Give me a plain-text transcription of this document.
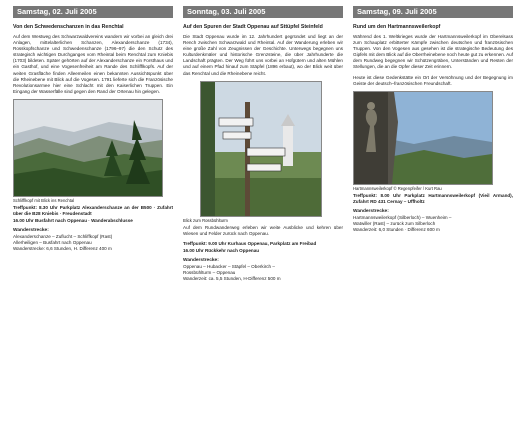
Samstag, 02. Juli 2005
Von den Schwedenschanzen in das Renchtal
Auf dem Westweg des Schwarzwaldvereins wandern wir vorbei an gleich drei Anlagen, mittelalterlichen Schanzen, Alexanderschanze (1734), Rosskopfschanze und Schwedenschanze (1796–97) die den Schutz des strategisch wichtigen Durchganges vom Rheintal beim Renchtal zum Kniebis (1703) bildeten. Später gehörten auf der Alexanderschanze ein Forsthaus und ein Gasthof, und eine Vogesenfreiheit am Rande des Schlifflkopfs. Auf der weiten Grasfläche finden Alleemeilen einen bekannten Aussichtspunkt über die Rheinebene mit Blick auf die Vogesen. 1791 lieferte sich die Französische Revolutionsarmee hier eine Schlacht mit den Kaiserlichen Truppen. Ein Eingang der Wasserfälle sind gegen den Rand der Ortenau hin gelegen.
Schlifflkopf mit Blick ins Renchtal
Treffpunkt: 8.30 Uhr Parkplatz Alexanderschanze an der B500 · Zufahrt über die B28 Kniebis · Freudenstadt
16.00 Uhr Busfahrt nach Oppenau · Wanderabschlusse
Wanderstrecke:
Alexanderschanze – Zuflucht – Schliffkopf (Rast)
Allerheiligen – Busfahrt nach Oppenau
Wanderstrecke: 6,6 Stunden, H. Differenz 400 m
Sonntag, 03. Juli 2005
Auf den Spuren der Stadt Oppenau auf Sttüpfel Steinfeld
Die Stadt Oppenau wurde im 12. Jahrhundert gegründet und liegt an der Rench zwischen Schwarzwald und Rheintal. Auf der Wanderung erleben wir eine große Zahl von Zeugnissen der Geschichte. Unterwegs begegnen uns Kulturdenkmäler und historische Grenzsteine, die über Jahrhunderte die Landschaft prägten. Der Weg führt uns vorbei an Hofgütern und alten Mühlen und auf einem Pfad hinauf zum Stäpfel (1896 erbaut), wo der Blick weit über das Renchtal und die Rheinebene reicht.
Blick zum Rossbühlturm
Auf dem Rundwanderweg erleben wir weite Ausblicke und kehren über Wiesen und Felder zurück nach Oppenau.
Treffpunkt: 9.00 Uhr Kurhaus Oppenau, Parkplatz am Freibad
16.00 Uhr Rückkehr nach Oppenau
Wanderstrecke:
Oppenau – Hubacker – Stäpfel – Oberkirch –
Rossbühlturm – Oppenau
Wanderzeit: ca. 5,5 Stunden, H-Differenz 500 m
Samstag, 09. Juli 2005
Rund um den Hartmannsweilerkopf
Während des 1. Weltkrieges wurde der Hartmannsweilerkopf im Oberelsass zum Schauplatz erbitterter Kämpfe zwischen deutschen und französischen Truppen. Von den Vogesen aus gesehen ist die strategische Bedeutung des Gipfels mit dem Blick auf die Oberrheinebene noch heute gut zu erkennen. Auf dem Rundweg begegnen wir Schützengräben, Unterständen und Resten der Stellungen, die an die Opfer dieser Zeit erinnern.
Heute ist diese Gedenkstätte ein Ort der Versöhnung und der Begegnung im Geiste der deutsch–französischen Freundschaft.
Hartmannsweilerkopf © Regenpfeifer / Kurt Rau
Treffpunkt: 8.00 Uhr Parkplatz Hartmannsweilerkopf (Vieil Armand), Zufahrt RD 431 Cernay – Uffholtz
Wanderstrecke:
Hartmannsweilerkopf (Silberloch) – Wuenheim –
Watwiller (Rast) – zurück zum Silberloch
Wanderzeit: 6,0 Stunden · Differenz 600 m
